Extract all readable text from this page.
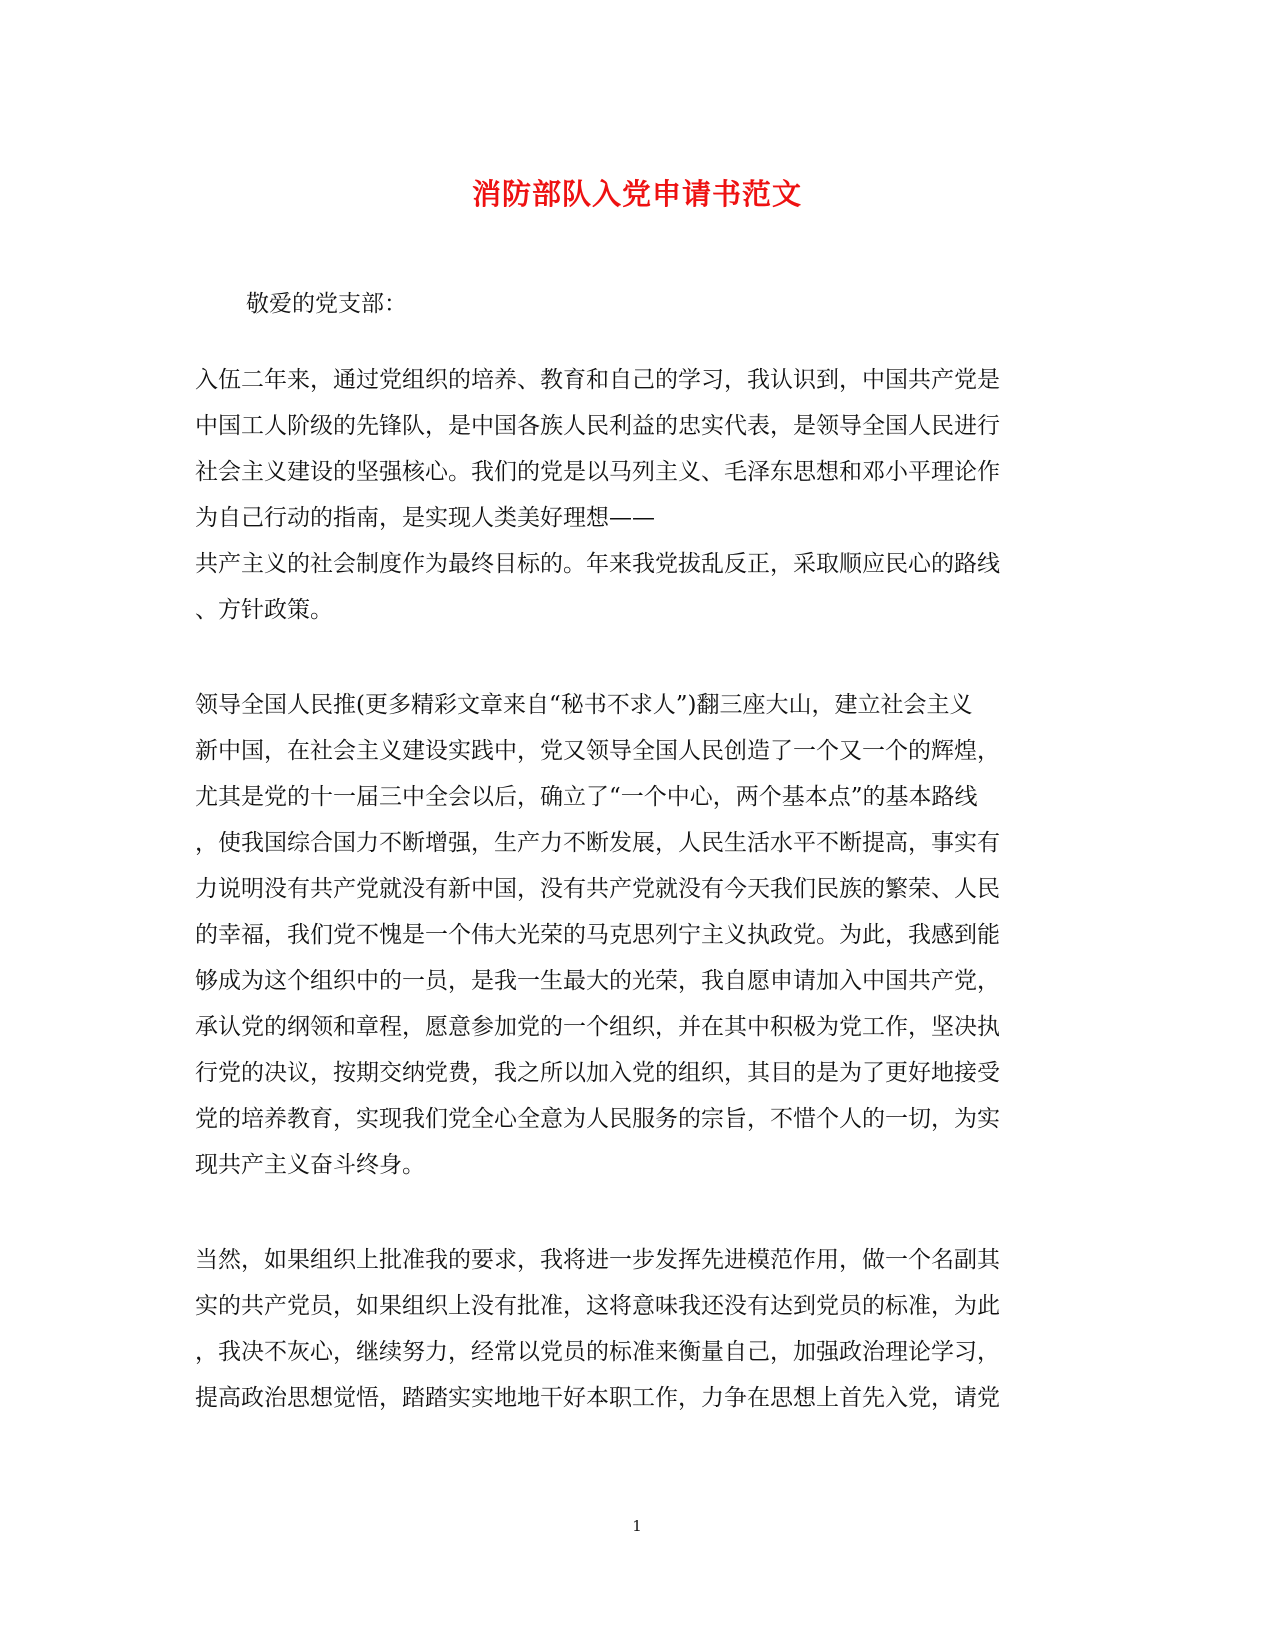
消防部队入党申请书范文
敬爱的党支部：
入伍二年来，通过党组织的培养、教育和自己的学习，我认识到，中国共产党是
中国工人阶级的先锋队，是中国各族人民利益的忠实代表，是领导全国人民进行
社会主义建设的坚强核心。我们的党是以马列主义、毛泽东思想和邓小平理论作
为自己行动的指南，是实现人类美好理想——
共产主义的社会制度作为最终目标的。年来我党拔乱反正，采取顺应民心的路线
、方针政策。
领导全国人民推(更多精彩文章来自“秘书不求人”)翻三座大山，建立社会主义
新中国，在社会主义建设实践中，党又领导全国人民创造了一个又一个的辉煌，
尤其是党的十一届三中全会以后，确立了“一个中心，两个基本点”的基本路线
，使我国综合国力不断增强，生产力不断发展，人民生活水平不断提高，事实有
力说明没有共产党就没有新中国，没有共产党就没有今天我们民族的繁荣、人民
的幸福，我们党不愧是一个伟大光荣的马克思列宁主义执政党。为此，我感到能
够成为这个组织中的一员，是我一生最大的光荣，我自愿申请加入中国共产党，
承认党的纲领和章程，愿意参加党的一个组织，并在其中积极为党工作，坚决执
行党的决议，按期交纳党费，我之所以加入党的组织，其目的是为了更好地接受
党的培养教育，实现我们党全心全意为人民服务的宗旨，不惜个人的一切，为实
现共产主义奋斗终身。
当然，如果组织上批准我的要求，我将进一步发挥先进模范作用，做一个名副其
实的共产党员，如果组织上没有批准，这将意味我还没有达到党员的标准，为此
，我决不灰心，继续努力，经常以党员的标准来衡量自己，加强政治理论学习，
提高政治思想觉悟，踏踏实实地地干好本职工作，力争在思想上首先入党，请党
1
